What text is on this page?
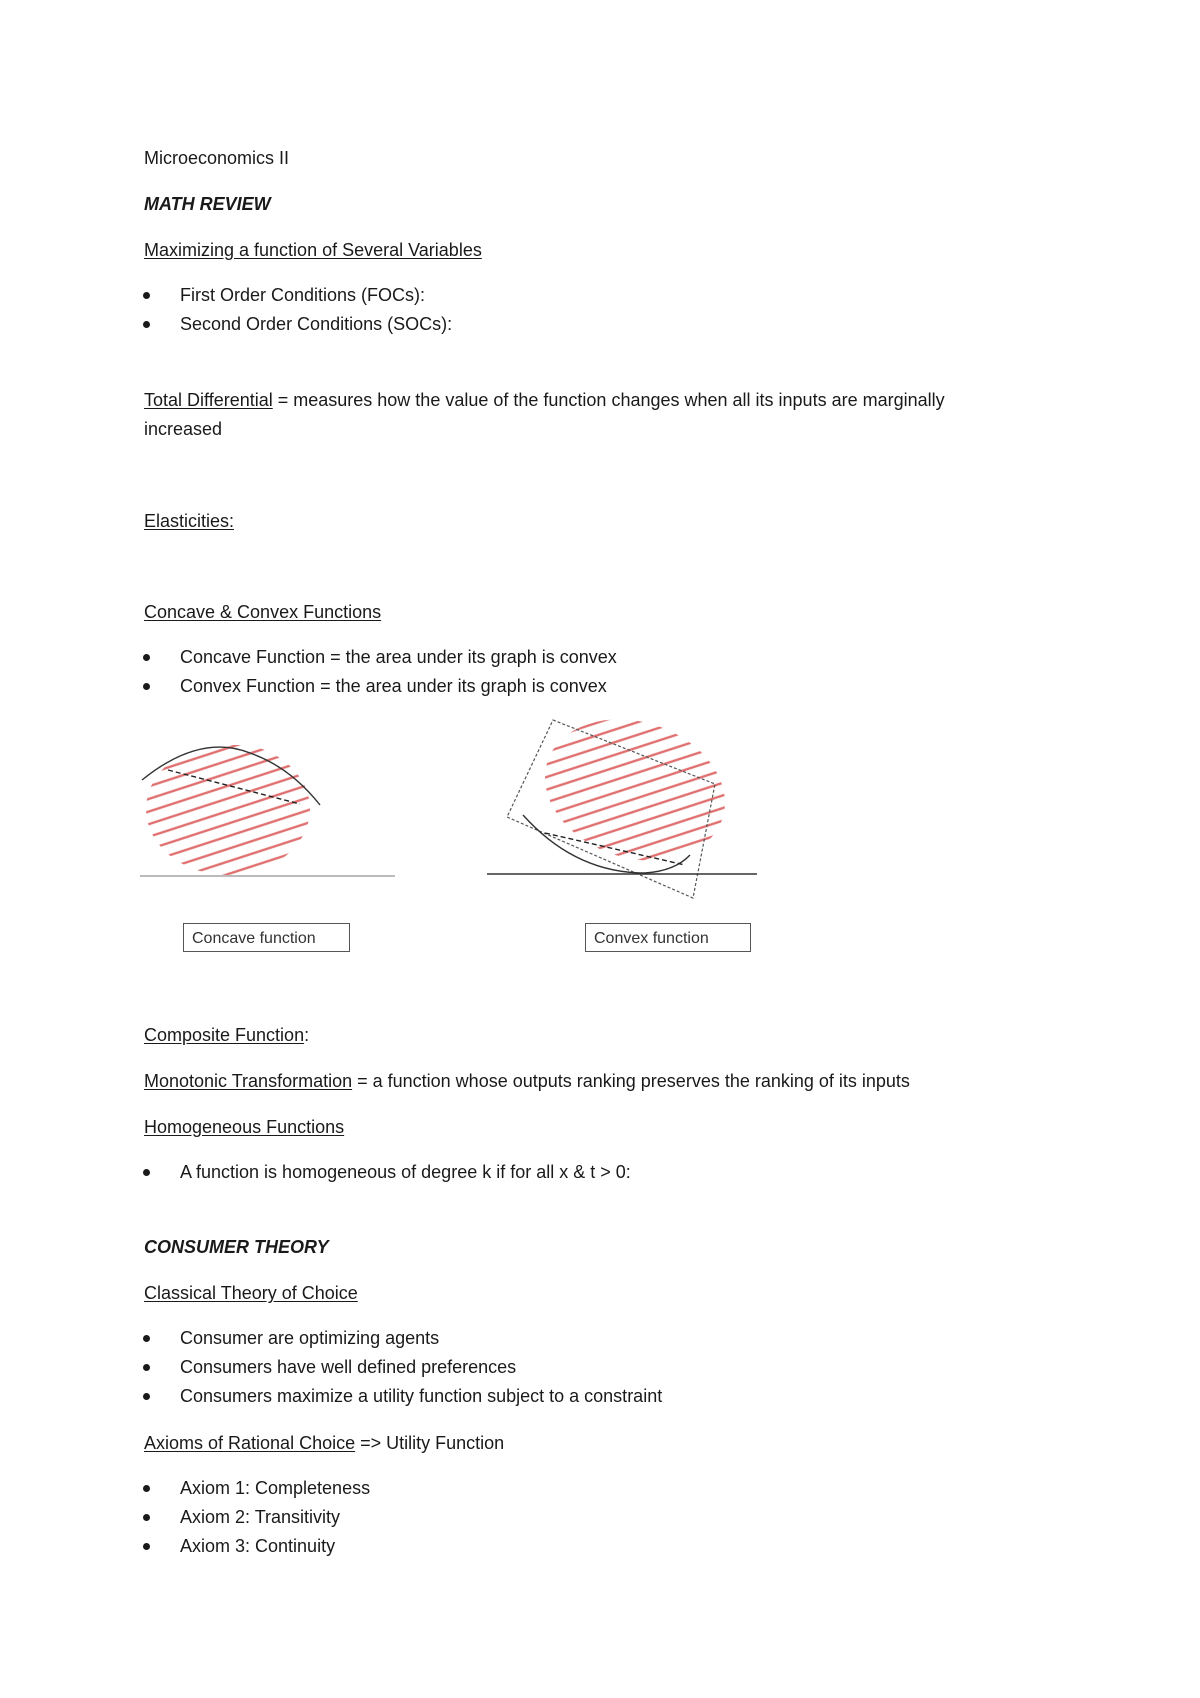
Microeconomics II
MATH REVIEW
Maximizing a function of Several Variables
First Order Conditions (FOCs):
Second Order Conditions (SOCs):
Total Differential = measures how the value of the function changes when all its inputs are marginally
increased
Elasticities:
Concave & Convex Functions
Concave Function = the area under its graph is convex
Convex Function = the area under its graph is convex
Concave function	Convex function
Composite Function:
Monotonic Transformation = a function whose outputs ranking preserves the ranking of its inputs
Homogeneous Functions
A function is homogeneous of degree k if for all x & t > 0:
CONSUMER THEORY
Classical Theory of Choice
Consumer are optimizing agents
Consumers have well defined preferences
Consumers maximize a utility function subject to a constraint
Axioms of Rational Choice => Utility Function
Axiom 1: Completeness
Axiom 2: Transitivity
Axiom 3: Continuity
